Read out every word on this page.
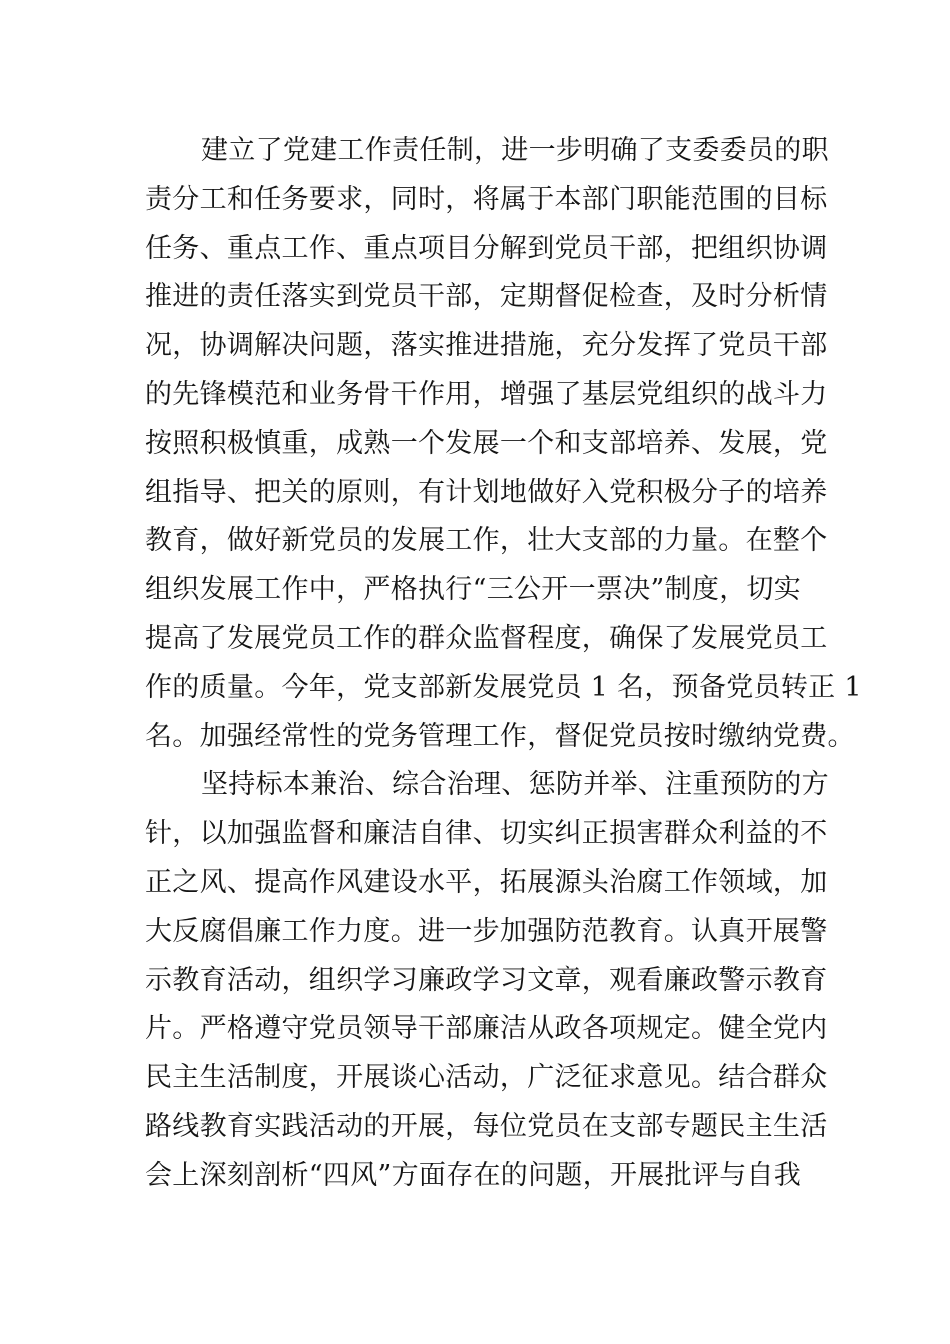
建立了党建工作责任制，进一步明确了支委委员的职
责分工和任务要求，同时，将属于本部门职能范围的目标
任务、重点工作、重点项目分解到党员干部，把组织协调
推进的责任落实到党员干部，定期督促检查，及时分析情
况，协调解决问题，落实推进措施，充分发挥了党员干部
的先锋模范和业务骨干作用，增强了基层党组织的战斗力
按照积极慎重，成熟一个发展一个和支部培养、发展，党
组指导、把关的原则，有计划地做好入党积极分子的培养
教育，做好新党员的发展工作，壮大支部的力量。在整个
组织发展工作中，严格执行“三公开一票决”制度，切实
提高了发展党员工作的群众监督程度，确保了发展党员工
作的质量。今年，党支部新发展党员 1 名，预备党员转正 1
名。加强经常性的党务管理工作，督促党员按时缴纳党费。
坚持标本兼治、综合治理、惩防并举、注重预防的方
针，以加强监督和廉洁自律、切实纠正损害群众利益的不
正之风、提高作风建设水平，拓展源头治腐工作领域，加
大反腐倡廉工作力度。进一步加强防范教育。认真开展警
示教育活动，组织学习廉政学习文章，观看廉政警示教育
片。严格遵守党员领导干部廉洁从政各项规定。健全党内
民主生活制度，开展谈心活动，广泛征求意见。结合群众
路线教育实践活动的开展，每位党员在支部专题民主生活
会上深刻剖析“四风”方面存在的问题，开展批评与自我
